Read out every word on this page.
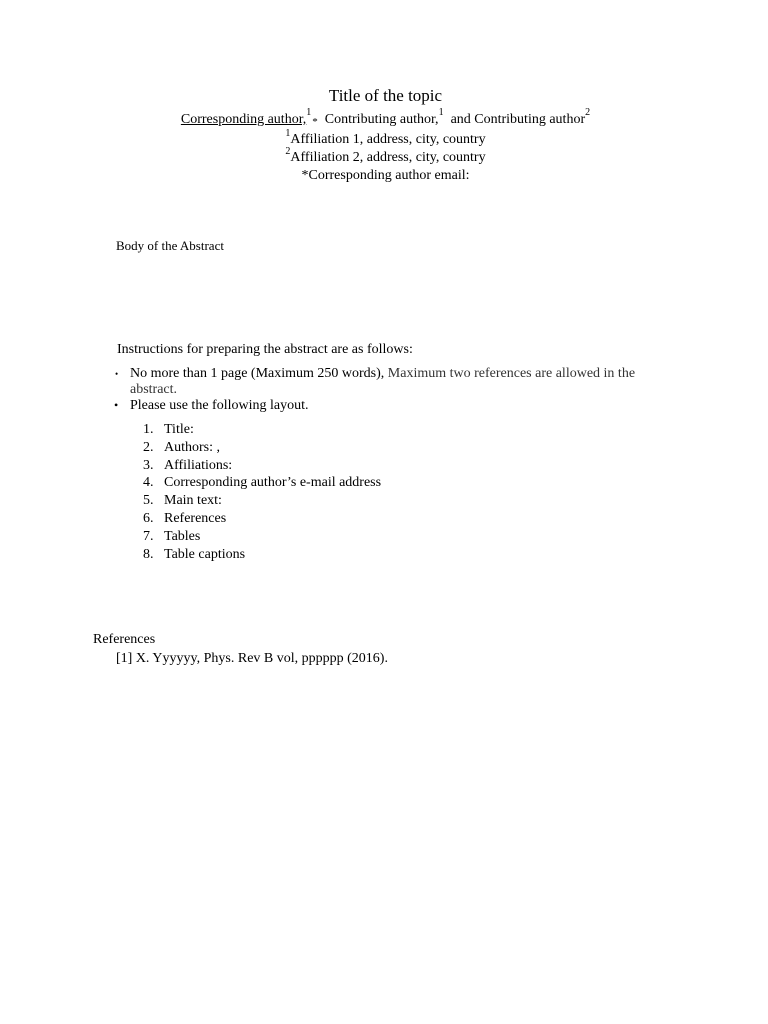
Title of the topic
Corresponding author,$^1$* Contributing author,$^1$ and Contributing author$^2$
$^1$Affiliation 1, address, city, country
$^2$Affiliation 2, address, city, country
*Corresponding author email:
Body of the Abstract
Instructions for preparing the abstract are as follows:
• No more than 1 page (Maximum 250 words), Maximum two references are allowed in the abstract.
• Please use the following layout.
1. Title:
2. Authors: ,
3. Affiliations:
4. Corresponding author’s e-mail address
5. Main text:
6. References
7. Tables
8. Table captions
References
[1] X. Yyyyyy, Phys. Rev B vol, pppppp (2016).
